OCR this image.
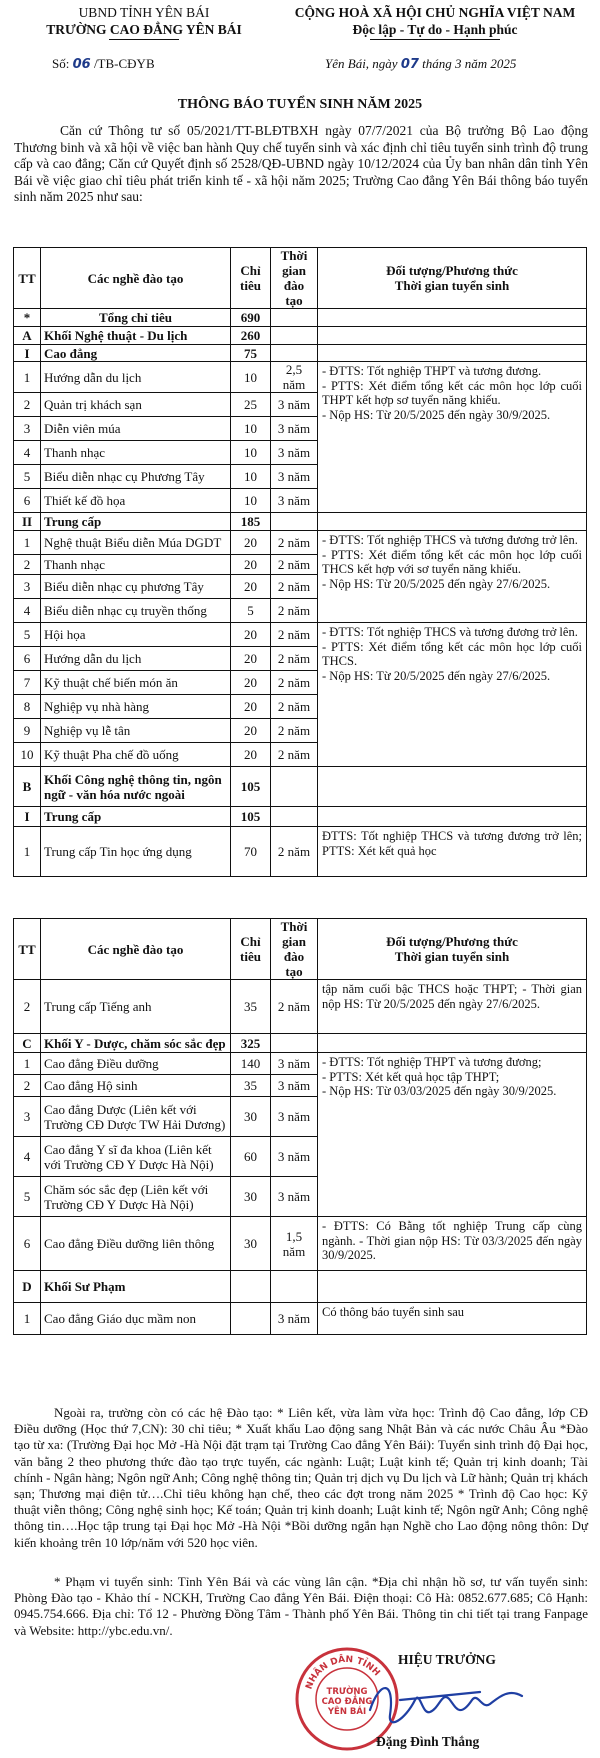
UBND TỈNH YÊN BÁI
TRƯỜNG CAO ĐẲNG YÊN BÁI
CỘNG HOÀ XÃ HỘI CHỦ NGHĨA VIỆT NAM
Độc lập - Tự do - Hạnh phúc
Số: 06 /TB-CĐYB	Yên Bái, ngày 07 tháng 3 năm 2025
THÔNG BÁO TUYỂN SINH NĂM 2025
Căn cứ Thông tư số 05/2021/TT-BLĐTBXH ngày 07/7/2021 của Bộ trưởng Bộ Lao động Thương binh và xã hội về việc ban hành Quy chế tuyển sinh và xác định chỉ tiêu tuyển sinh trình độ trung cấp và cao đẳng; Căn cứ Quyết định số 2528/QĐ-UBND ngày 10/12/2024 của Ủy ban nhân dân tỉnh Yên Bái về việc giao chỉ tiêu phát triển kinh tế - xã hội năm 2025; Trường Cao đẳng Yên Bái thông báo tuyển sinh năm 2025 như sau:
TT	Các nghề đào tạo	Chỉ tiêu	Thời gian đào tạo	Đối tượng/Phương thức
Thời gian tuyển sinh
*	Tổng chỉ tiêu	690		
A	Khối Nghệ thuật - Du lịch	260		
I	Cao đẳng	75		
1	Hướng dẫn du lịch	10	2,5 năm	- ĐTTS: Tốt nghiệp THPT và tương đương.
- PTTS: Xét điểm tổng kết các môn học lớp cuối THPT kết hợp sơ tuyển năng khiếu.
- Nộp HS: Từ 20/5/2025 đến ngày 30/9/2025.
2	Quản trị khách sạn	25	3 năm	
3	Diễn viên múa	10	3 năm	
4	Thanh nhạc	10	3 năm	
5	Biểu diễn nhạc cụ Phương Tây	10	3 năm	
6	Thiết kế đồ họa	10	3 năm	
II	Trung cấp	185		
1	Nghệ thuật Biểu diễn Múa DGDT	20	2 năm	- ĐTTS: Tốt nghiệp THCS và tương đương trở lên.
- PTTS: Xét điểm tổng kết các môn học lớp cuối THCS kết hợp với sơ tuyển năng khiếu.
- Nộp HS: Từ 20/5/2025 đến ngày 27/6/2025.
2	Thanh nhạc	20	2 năm	
3	Biểu diễn nhạc cụ phương Tây	20	2 năm	
4	Biểu diễn nhạc cụ truyền thống	5	2 năm	
5	Hội họa	20	2 năm	- ĐTTS: Tốt nghiệp THCS và tương đương trở lên.
- PTTS: Xét điểm tổng kết các môn học lớp cuối THCS.
- Nộp HS: Từ 20/5/2025 đến ngày 27/6/2025.
6	Hướng dẫn du lịch	20	2 năm	
7	Kỹ thuật chế biến món ăn	20	2 năm	
8	Nghiệp vụ nhà hàng	20	2 năm	
9	Nghiệp vụ lễ tân	20	2 năm	
10	Kỹ thuật Pha chế đồ uống	20	2 năm	
B	Khối Công nghệ thông tin, ngôn ngữ - văn hóa nước ngoài	105		
I	Trung cấp	105		
1	Trung cấp Tin học ứng dụng	70	2 năm	ĐTTS: Tốt nghiệp THCS và tương đương trở lên; PTTS: Xét kết quả học
TT	Các nghề đào tạo	Chỉ tiêu	Thời gian đào tạo	Đối tượng/Phương thức
Thời gian tuyển sinh
2	Trung cấp Tiếng anh	35	2 năm	tập năm cuối bậc THCS hoặc THPT; - Thời gian nộp HS: Từ 20/5/2025 đến ngày 27/6/2025.
C	Khối Y - Dược, chăm sóc sắc đẹp	325		
1	Cao đẳng Điều dưỡng	140	3 năm	- ĐTTS: Tốt nghiệp THPT và tương đương;
- PTTS: Xét kết quả học tập THPT;
- Nộp HS: Từ 03/03/2025 đến ngày 30/9/2025.
2	Cao đẳng Hộ sinh	35	3 năm	
3	Cao đẳng Dược (Liên kết với Trường CĐ Dược TW Hải Dương)	30	3 năm	
4	Cao đẳng Y sĩ đa khoa (Liên kết với Trường CĐ Y Dược Hà Nội)	60	3 năm	
5	Chăm sóc sắc đẹp (Liên kết với Trường CĐ Y Dược Hà Nội)	30	3 năm	
6	Cao đẳng Điều dưỡng liên thông	30	1,5 năm	- ĐTTS: Có Bằng tốt nghiệp Trung cấp cùng ngành. - Thời gian nộp HS: Từ 03/3/2025 đến ngày 30/9/2025.
D	Khối Sư Phạm			
1	Cao đẳng Giáo dục mầm non		3 năm	Có thông báo tuyển sinh sau
Ngoài ra, trường còn có các hệ Đào tạo: * Liên kết, vừa làm vừa học: Trình độ Cao đẳng, lớp CĐ Điều dưỡng (Học thứ 7,CN): 30 chỉ tiêu; * Xuất khẩu Lao động sang Nhật Bản và các nước Châu Âu *Đào tạo từ xa: (Trường Đại học Mở -Hà Nội đặt trạm tại Trường Cao đẳng Yên Bái): Tuyển sinh trình độ Đại học, văn bằng 2 theo phương thức đào tạo trực tuyến, các ngành: Luật; Luật kinh tế; Quản trị kinh doanh; Tài chính - Ngân hàng; Ngôn ngữ Anh; Công nghệ thông tin; Quản trị dịch vụ Du lịch và Lữ hành; Quản trị khách sạn; Thương mại điện tử….Chỉ tiêu không hạn chế, theo các đợt trong năm 2025 * Trình độ Cao học: Kỹ thuật viễn thông; Công nghệ sinh học; Kế toán; Quản trị kinh doanh; Luật kinh tế; Ngôn ngữ Anh; Công nghệ thông tin….Học tập trung tại Đại học Mở -Hà Nội *Bồi dưỡng ngắn hạn Nghề cho Lao động nông thôn: Dự kiến khoảng trên 10 lớp/năm với 520 học viên.
* Phạm vi tuyển sinh: Tỉnh Yên Bái và các vùng lân cận. *Địa chỉ nhận hồ sơ, tư vấn tuyển sinh: Phòng Đào tạo - Khảo thí - NCKH, Trường Cao đẳng Yên Bái. Điện thoại: Cô Hà: 0852.677.685; Cô Hạnh: 0945.754.666. Địa chỉ: Tổ 12 - Phường Đồng Tâm - Thành phố Yên Bái. Thông tin chi tiết tại trang Fanpage và Website: http://ybc.edu.vn/.
HIỆU TRƯỞNG
NHÂN DÂN TỈNH
TRƯỜNG
CAO ĐẲNG
YÊN BÁI
Đặng Đình Thắng
